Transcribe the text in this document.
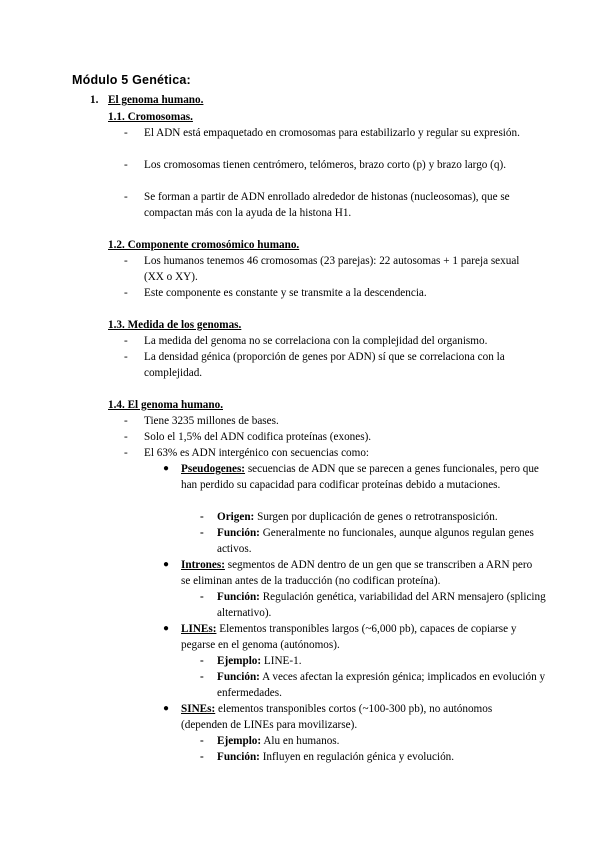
Módulo 5 Genética:
1. El genoma humano.
1.1. Cromosomas.
-	El ADN está empaquetado en cromosomas para estabilizarlo y regular su expresión.
-	Los cromosomas tienen centrómero, telómeros, brazo corto (p) y brazo largo (q).
-	Se forman a partir de ADN enrollado alrededor de histonas (nucleosomas), que se compactan más con la ayuda de la histona H1.
1.2. Componente cromosómico humano.
-	Los humanos tenemos 46 cromosomas (23 parejas): 22 autosomas + 1 pareja sexual (XX o XY).
-	Este componente es constante y se transmite a la descendencia.
1.3. Medida de los genomas.
-	La medida del genoma no se correlaciona con la complejidad del organismo.
-	La densidad génica (proporción de genes por ADN) sí que se correlaciona con la complejidad.
1.4. El genoma humano.
-	Tiene 3235 millones de bases.
-	Solo el 1,5% del ADN codifica proteínas (exones).
-	El 63% es ADN intergénico con secuencias como:
●	Pseudogenes: secuencias de ADN que se parecen a genes funcionales, pero que han perdido su capacidad para codificar proteínas debido a mutaciones.
-	Origen: Surgen por duplicación de genes o retrotransposición.
-	Función: Generalmente no funcionales, aunque algunos regulan genes activos.
●	Intrones: segmentos de ADN dentro de un gen que se transcriben a ARN pero se eliminan antes de la traducción (no codifican proteína).
-	Función: Regulación genética, variabilidad del ARN mensajero (splicing alternativo).
●	LINEs: Elementos transponibles largos (~6,000 pb), capaces de copiarse y pegarse en el genoma (autónomos).
-	Ejemplo: LINE-1.
-	Función: A veces afectan la expresión génica; implicados en evolución y enfermedades.
●	SINEs: elementos transponibles cortos (~100-300 pb), no autónomos (dependen de LINEs para movilizarse).
-	Ejemplo: Alu en humanos.
-	Función: Influyen en regulación génica y evolución.
